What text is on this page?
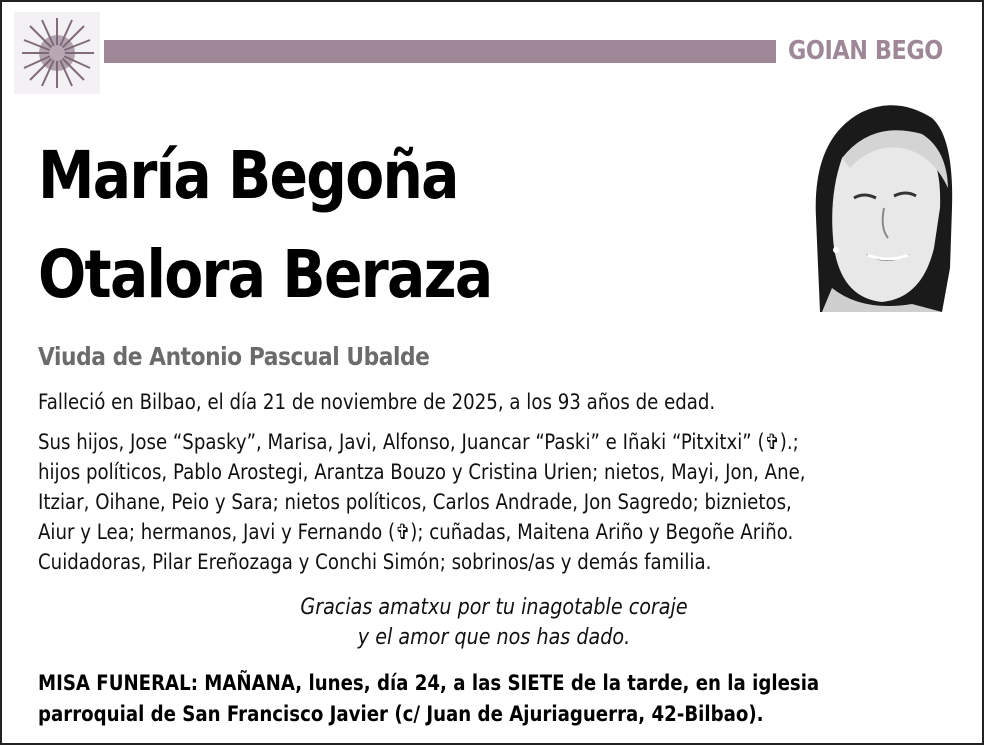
GOIAN BEGO
María Begoña
Otalora Beraza
Viuda de Antonio Pascual Ubalde
Falleció en Bilbao, el día 21 de noviembre de 2025, a los 93 años de edad.
Sus hijos, Jose “Spasky”, Marisa, Javi, Alfonso, Juancar “Paski” e Iñaki “Pitxitxi” (✞).;
hijos políticos, Pablo Arostegi, Arantza Bouzo y Cristina Urien; nietos, Mayi, Jon, Ane,
Itziar, Oihane, Peio y Sara; nietos políticos, Carlos Andrade, Jon Sagredo; biznietos,
Aiur y Lea; hermanos, Javi y Fernando (✞); cuñadas, Maitena Ariño y Begoñe Ariño.
Cuidadoras, Pilar Ereñozaga y Conchi Simón; sobrinos/as y demás familia.
Gracias amatxu por tu inagotable coraje
y el amor que nos has dado.
MISA FUNERAL: MAÑANA, lunes, día 24, a las SIETE de la tarde, en la iglesia
parroquial de San Francisco Javier (c/ Juan de Ajuriaguerra, 42-Bilbao).
